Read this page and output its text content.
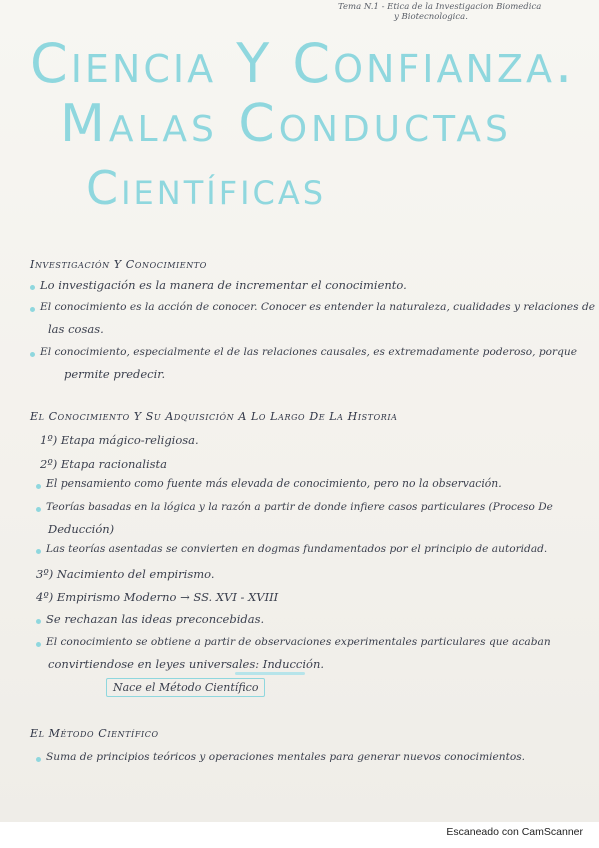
Tema N.1 - Etica de la Investigacion Biomedica
y Biotecnologica.
Ciencia Y Confianza.
Malas Conductas
Científicas
Investigación Y Conocimiento
Lo investigación es la manera de incrementar el conocimiento.
El conocimiento es la acción de conocer. Conocer es entender la naturaleza, cualidades y relaciones de
las cosas.
El conocimiento, especialmente el de las relaciones causales, es extremadamente poderoso, porque
permite predecir.
El Conocimiento Y Su Adquisición A Lo Largo De La Historia
1º) Etapa mágico-religiosa.
2º) Etapa racionalista
El pensamiento como fuente más elevada de conocimiento, pero no la observación.
Teorías basadas en la lógica y la razón a partir de donde infiere casos particulares (Proceso De
Deducción)
Las teorías asentadas se convierten en dogmas fundamentados por el principio de autoridad.
3º) Nacimiento del empirismo.
4º) Empirismo Moderno → SS. XVI - XVIII
Se rechazan las ideas preconcebidas.
El conocimiento se obtiene a partir de observaciones experimentales particulares que acaban
convirtiendose en leyes universales: Inducción.
Nace el Método Científico
El Método Científico
Suma de principios teóricos y operaciones mentales para generar nuevos conocimientos.
Escaneado con CamScanner
